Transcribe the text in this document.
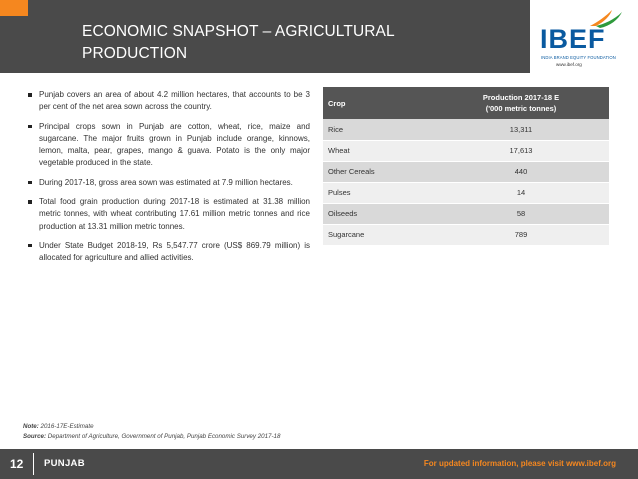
ECONOMIC SNAPSHOT – AGRICULTURAL PRODUCTION	IBEF
INDIA BRAND EQUITY FOUNDATION
www.ibef.org
Punjab covers an area of about 4.2 million hectares, that accounts to be 3 per cent of the net area sown across the country.
Principal crops sown in Punjab are cotton, wheat, rice, maize and sugarcane. The major fruits grown in Punjab include orange, kinnows, lemon, malta, pear, grapes, mango & guava. Potato is the only major vegetable produced in the state.
During 2017-18, gross area sown was estimated at 7.9 million hectares.
Total food grain production during 2017-18 is estimated at 31.38 million metric tonnes, with wheat contributing 17.61 million metric tonnes and rice production at 13.31 million metric tonnes.
Under State Budget 2018-19, Rs 5,547.77 crore (US$ 869.79 million) is allocated for agriculture and allied activities.
Crop	Production 2017-18 E
('000 metric tonnes)
Rice	13,311
Wheat	17,613
Other Cereals	440
Pulses	14
Oilseeds	58
Sugarcane	789
Note: 2016-17E-Estimate
Source: Department of Agriculture, Government of Punjab, Punjab Economic Survey 2017-18
12 PUNJAB	For updated information, please visit www.ibef.org
